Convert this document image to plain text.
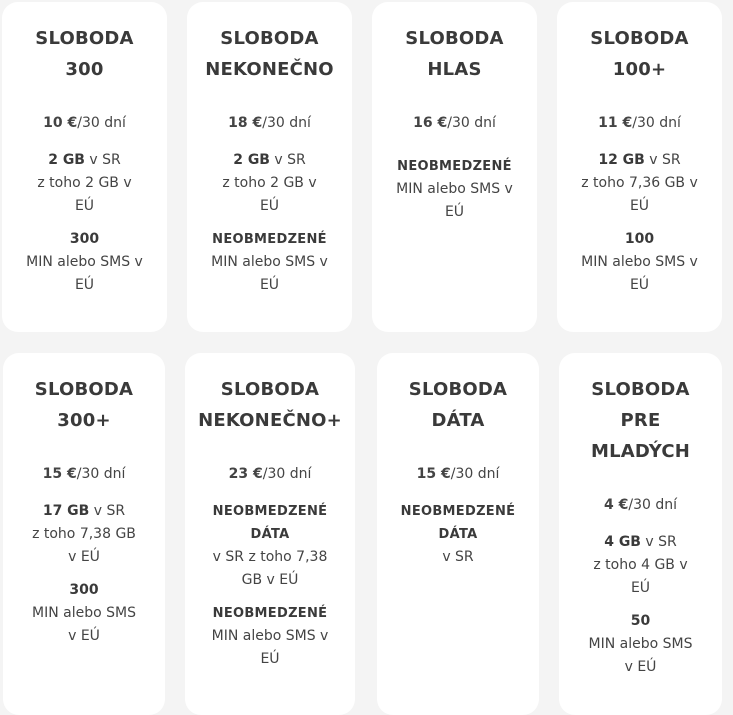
SLOBODA
300
10 €/30 dní
2 GB v SR
z toho 2 GB v
EÚ
300
MIN alebo SMS v
EÚ
SLOBODA
NEKONEČNO
18 €/30 dní
2 GB v SR
z toho 2 GB v
EÚ
NEOBMEDZENÉ
MIN alebo SMS v
EÚ
SLOBODA
HLAS
16 €/30 dní
NEOBMEDZENÉ
MIN alebo SMS v
EÚ
SLOBODA
100+
11 €/30 dní
12 GB v SR
z toho 7,36 GB v
EÚ
100
MIN alebo SMS v
EÚ
SLOBODA
300+
15 €/30 dní
17 GB v SR
z toho 7,38 GB
v EÚ
300
MIN alebo SMS
v EÚ
SLOBODA
NEKONEČNO+
23 €/30 dní
NEOBMEDZENÉ
DÁTA
v SR z toho 7,38
GB v EÚ
NEOBMEDZENÉ
MIN alebo SMS v
EÚ
SLOBODA
DÁTA
15 €/30 dní
NEOBMEDZENÉ
DÁTA
v SR
SLOBODA
PRE
MLADÝCH
4 €/30 dní
4 GB v SR
z toho 4 GB v
EÚ
50
MIN alebo SMS
v EÚ
